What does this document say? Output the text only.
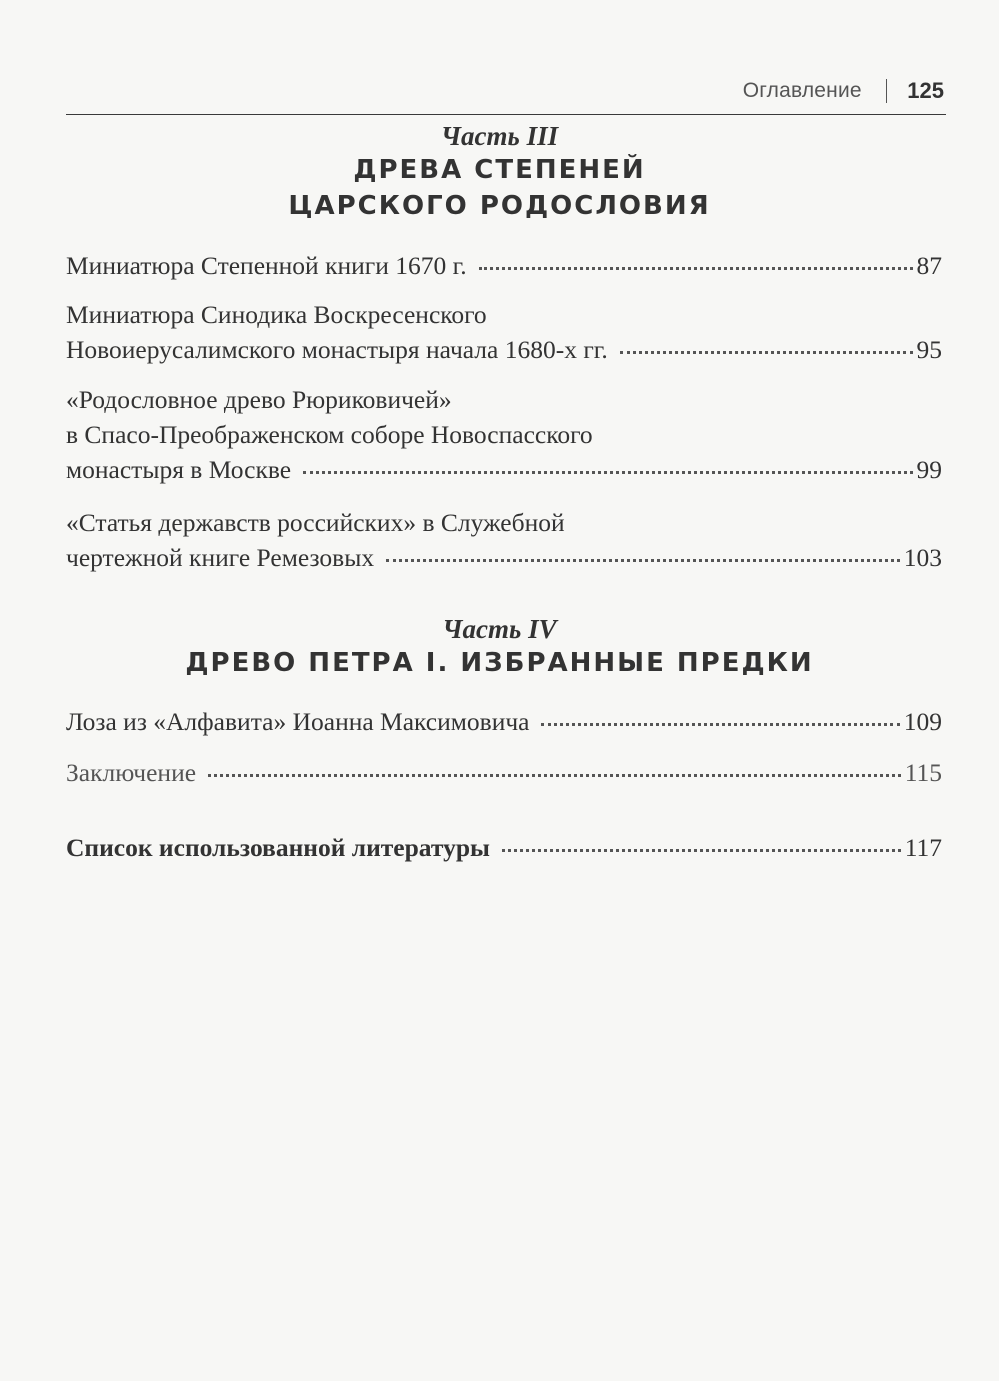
Оглавление 125
Часть III
ДРЕВА СТЕПЕНЕЙ
ЦАРСКОГО РОДОСЛОВИЯ
Миниатюра Степенной книги 1670 г.	87
Миниатюра Синодика Воскресенского
Новоиерусалимского монастыря начала 1680-х гг.	95
«Родословное древо Рюриковичей»
в Спасо-Преображенском соборе Новоспасского
монастыря в Москве	99
«Статья державств российских» в Служебной
чертежной книге Ремезовых	103
Часть IV
ДРЕВО ПЕТРА I. ИЗБРАННЫЕ ПРЕДКИ
Лоза из «Алфавита» Иоанна Максимовича	109
Заключение	115
Список использованной литературы	117
